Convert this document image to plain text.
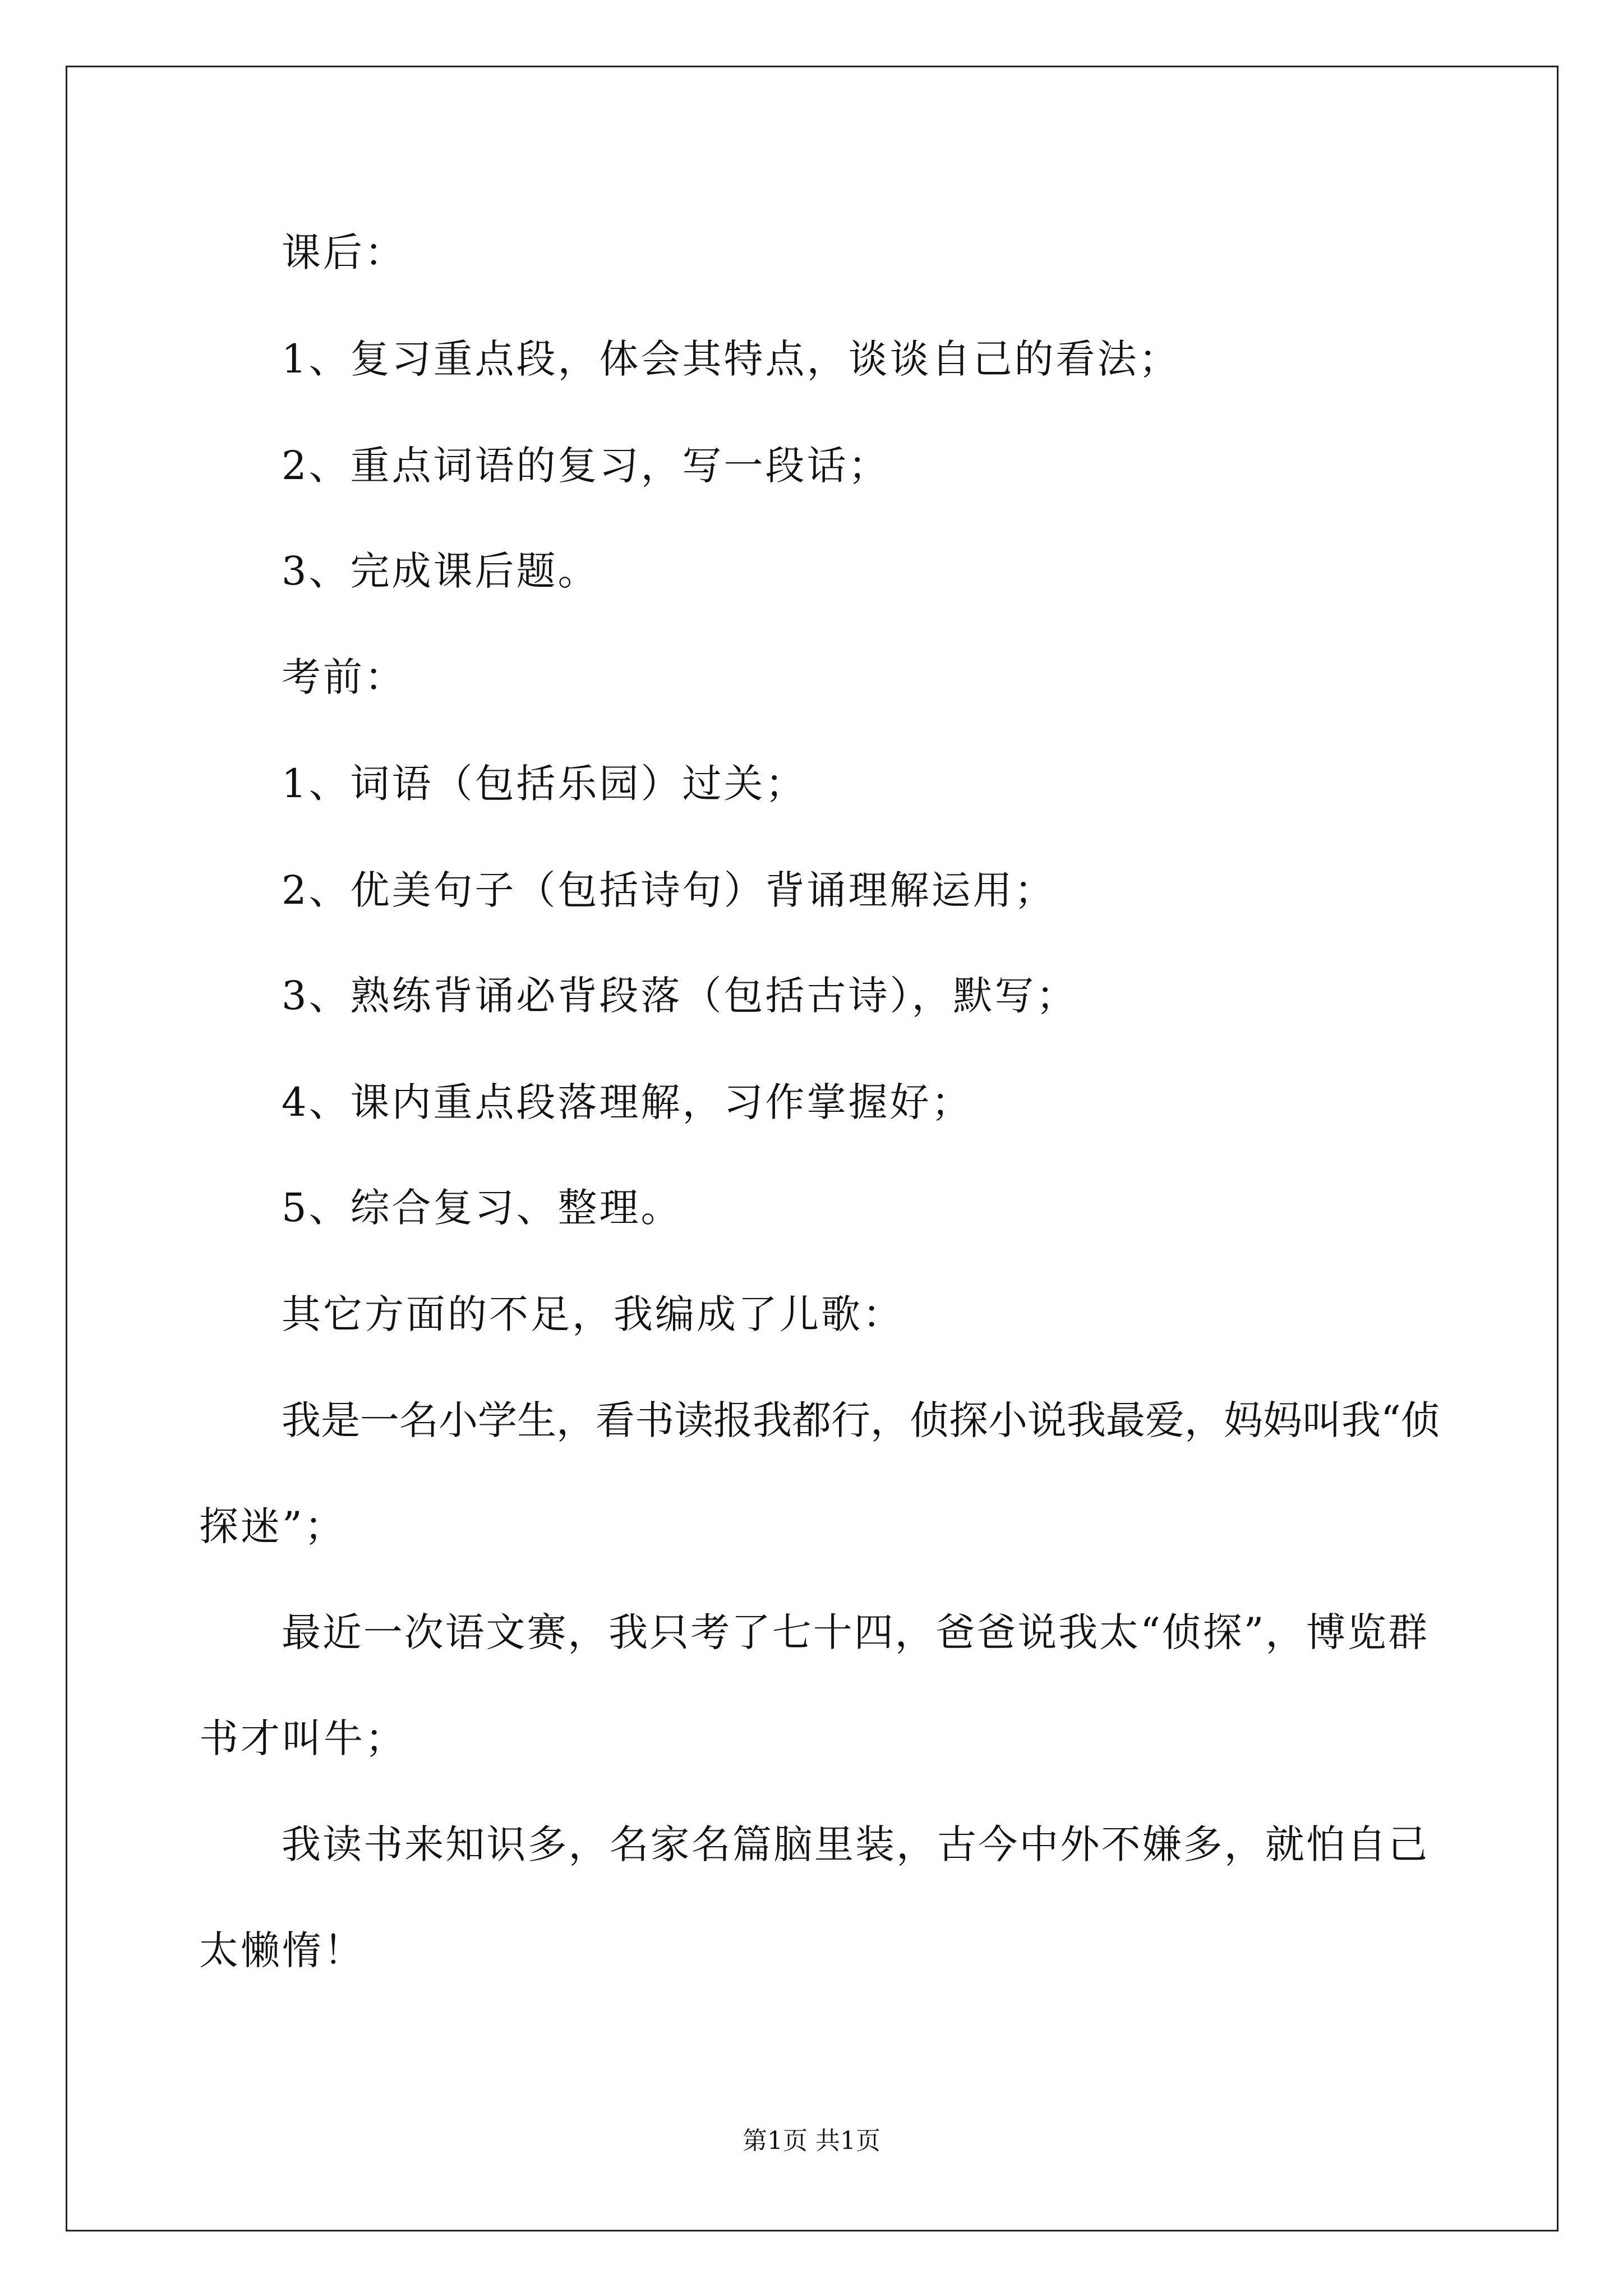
课后：
1、复习重点段，体会其特点，谈谈自己的看法；
2、重点词语的复习，写一段话；
3、完成课后题。
考前：
1、词语（包括乐园）过关；
2、优美句子（包括诗句）背诵理解运用；
3、熟练背诵必背段落（包括古诗），默写；
4、课内重点段落理解，习作掌握好；
5、综合复习、整理。
其它方面的不足，我编成了儿歌：
我是一名小学生，看书读报我都行，侦探小说我最爱，妈妈叫我“侦
探迷”；
最近一次语文赛，我只考了七十四，爸爸说我太“侦探”，博览群
书才叫牛；
我读书来知识多，名家名篇脑里装，古今中外不嫌多，就怕自己
太懒惰！
第1页 共1页
